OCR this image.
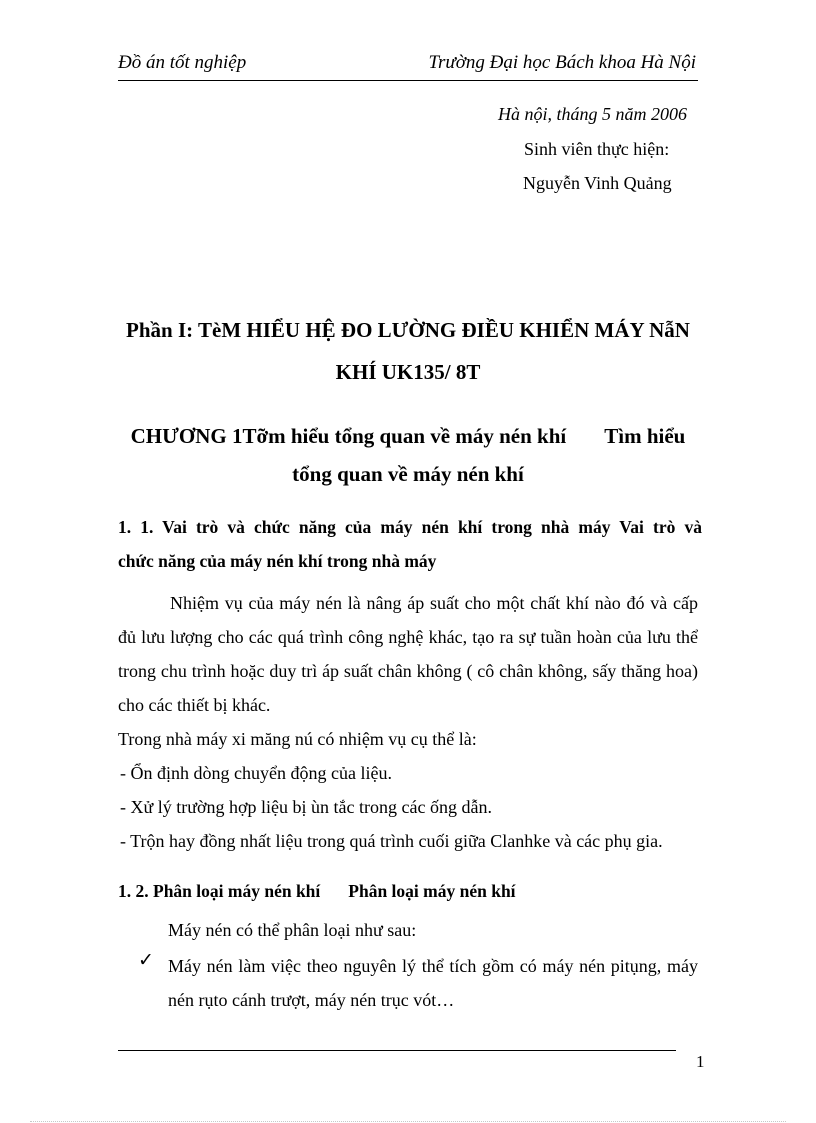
Đồ án tốt nghiệp	Trường Đại học Bách khoa Hà Nội
Hà nội, tháng 5 năm 2006
Sinh viên thực hiện:
Nguyễn Vinh Quảng
Phần I: TèM HIỂU HỆ ĐO LƯỜNG ĐIỀU KHIỂN MÁY NẫN
KHÍ UK135/ 8T
CHƯƠNG 1Tỡm hiểu tổng quan về máy nén khí Tìm hiểu
tổng quan về máy nén khí
1. 1. Vai trò và chức năng của máy nén khí trong nhà máy Vai trò và
chức năng của máy nén khí trong nhà máy
Nhiệm vụ của máy nén là nâng áp suất cho một chất khí nào đó và cấp đủ lưu lượng cho các quá trình công nghệ khác, tạo ra sự tuần hoàn của lưu thể trong chu trình hoặc duy trì áp suất chân không ( cô chân không, sấy thăng hoa) cho các thiết bị khác.
Trong nhà máy xi măng nú có nhiệm vụ cụ thể là:
- Ổn định dòng chuyển động của liệu.
- Xử lý trường hợp liệu bị ùn tắc trong các ống dẫn.
- Trộn hay đồng nhất liệu trong quá trình cuối giữa Clanhke và các phụ gia.
1. 2. Phân loại máy nén khí Phân loại máy nén khí
Máy nén có thể phân loại như sau:
✓ Máy nén làm việc theo nguyên lý thể tích gồm có máy nén pitụng, máy nén rụto cánh trượt, máy nén trục vót…
1
